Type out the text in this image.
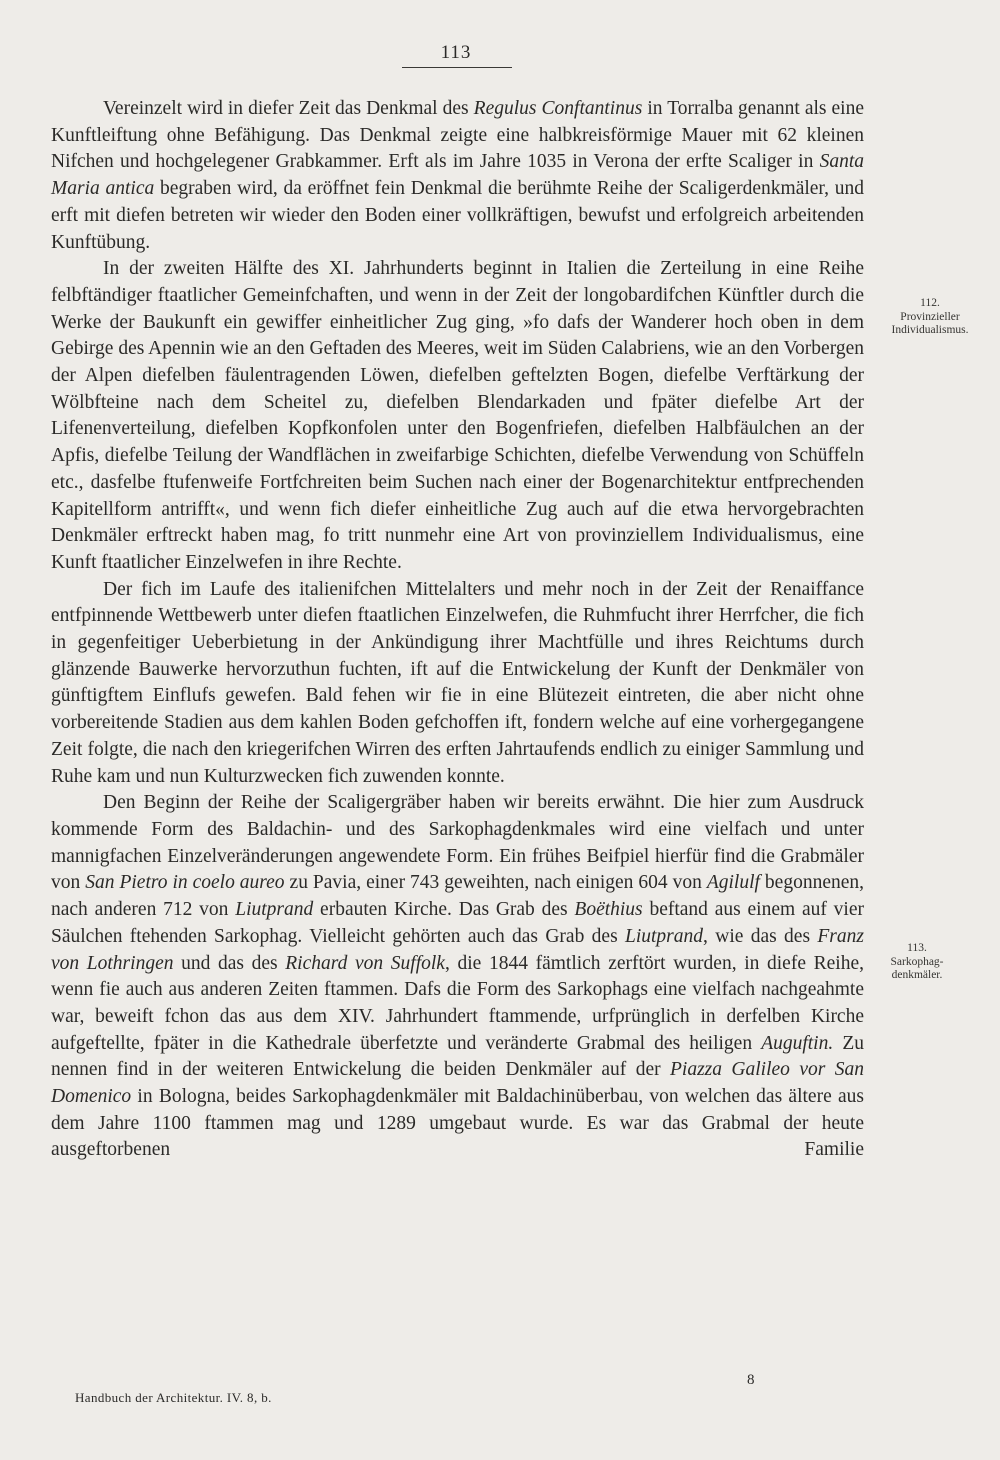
113

Vereinzelt wird in diefer Zeit das Denkmal des Regulus Conftantinus in Torralba genannt als eine Kunftleiftung ohne Befähigung. Das Denkmal zeigte eine halbkreisförmige Mauer mit 62 kleinen Nifchen und hochgelegener Grabkammer. Erft als im Jahre 1035 in Verona der erfte Scaliger in Santa Maria antica begraben wird, da eröffnet fein Denkmal die berühmte Reihe der Scaligerdenkmäler, und erft mit diefen betreten wir wieder den Boden einer vollkräftigen, bewufst und erfolgreich arbeitenden Kunftübung.

In der zweiten Hälfte des XI. Jahrhunderts beginnt in Italien die Zerteilung in eine Reihe felbftändiger ftaatlicher Gemeinfchaften, und wenn in der Zeit der longobardifchen Künftler durch die Werke der Baukunft ein gewiffer einheitlicher Zug ging, »fo dafs der Wanderer hoch oben in dem Gebirge des Apennin wie an den Geftaden des Meeres, weit im Süden Calabriens, wie an den Vorbergen der Alpen diefelben fäulentragenden Löwen, diefelben geftelzten Bogen, diefelbe Verftärkung der Wölbfteine nach dem Scheitel zu, diefelben Blendarkaden und fpäter diefelbe Art der Lifenenverteilung, diefelben Kopfkonfolen unter den Bogenfriefen, diefelben Halbfäulchen an der Apfis, diefelbe Teilung der Wandflächen in zweifarbige Schichten, diefelbe Verwendung von Schüffeln etc., dasfelbe ftufenweife Fortfchreiten beim Suchen nach einer der Bogenarchitektur entfprechenden Kapitellform antrifft«, und wenn fich diefer einheitliche Zug auch auf die etwa hervorgebrachten Denkmäler erftreckt haben mag, fo tritt nunmehr eine Art von provinziellem Individualismus, eine Kunft ftaatlicher Einzelwefen in ihre Rechte.

Der fich im Laufe des italienifchen Mittelalters und mehr noch in der Zeit der Renaiffance entfpinnende Wettbewerb unter diefen ftaatlichen Einzelwefen, die Ruhmfucht ihrer Herrfcher, die fich in gegenfeitiger Ueberbietung in der Ankündigung ihrer Machtfülle und ihres Reichtums durch glänzende Bauwerke hervorzuthun fuchten, ift auf die Entwickelung der Kunft der Denkmäler von günftigftem Einflufs gewefen. Bald fehen wir fie in eine Blütezeit eintreten, die aber nicht ohne vorbereitende Stadien aus dem kahlen Boden gefchoffen ift, fondern welche auf eine vorhergegangene Zeit folgte, die nach den kriegerifchen Wirren des erften Jahrtaufends endlich zu einiger Sammlung und Ruhe kam und nun Kulturzwecken fich zuwenden konnte.

Den Beginn der Reihe der Scaligergräber haben wir bereits erwähnt. Die hier zum Ausdruck kommende Form des Baldachin- und des Sarkophagdenkmales wird eine vielfach und unter mannigfachen Einzelveränderungen angewendete Form. Ein frühes Beifpiel hierfür find die Grabmäler von San Pietro in coelo aureo zu Pavia, einer 743 geweihten, nach einigen 604 von Agilulf begonnenen, nach anderen 712 von Liutprand erbauten Kirche. Das Grab des Boëthius beftand aus einem auf vier Säulchen ftehenden Sarkophag. Vielleicht gehörten auch das Grab des Liutprand, wie das des Franz von Lothringen und das des Richard von Suffolk, die 1844 fämtlich zerftört wurden, in diefe Reihe, wenn fie auch aus anderen Zeiten ftammen. Dafs die Form des Sarkophags eine vielfach nachgeahmte war, beweift fchon das aus dem XIV. Jahrhundert ftammende, urfprünglich in derfelben Kirche aufgeftellte, fpäter in die Kathedrale überfetzte und veränderte Grabmal des heiligen Auguftin. Zu nennen find in der weiteren Entwickelung die beiden Denkmäler auf der Piazza Galileo vor San Domenico in Bologna, beides Sarkophagdenkmäler mit Baldachinüberbau, von welchen das ältere aus dem Jahre 1100 ftammen mag und 1289 umgebaut wurde. Es war das Grabmal der heute ausgeftorbenen Familie

112.
Provinzieller
Individualismus.
113.
Sarkophag-
denkmäler.
Handbuch der Architektur. IV. 8, b.
8
